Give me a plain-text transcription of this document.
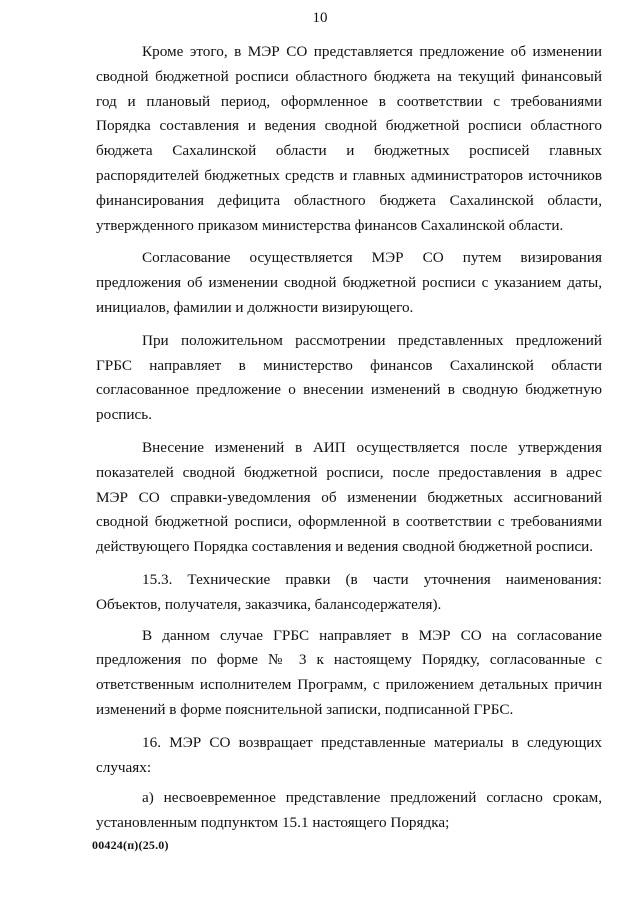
10

Кроме этого, в МЭР СО представляется предложение об изменении сводной бюджетной росписи областного бюджета на текущий финансовый год и плановый период, оформленное в соответствии с требованиями Порядка составления и ведения сводной бюджетной росписи областного бюджета Сахалинской области и бюджетных росписей главных распорядителей бюджетных средств и главных администраторов источников финансирования дефицита областного бюджета Сахалинской области, утвержденного приказом министерства финансов Сахалинской области.

Согласование осуществляется МЭР СО путем визирования предложения об изменении сводной бюджетной росписи с указанием даты, инициалов, фамилии и должности визирующего.

При положительном рассмотрении представленных предложений ГРБС направляет в министерство финансов Сахалинской области согласованное предложение о внесении изменений в сводную бюджетную роспись.

Внесение изменений в АИП осуществляется после утверждения показателей сводной бюджетной росписи, после предоставления в адрес МЭР СО справки-уведомления об изменении бюджетных ассигнований сводной бюджетной росписи, оформленной в соответствии с требованиями действующего Порядка составления и ведения сводной бюджетной росписи.

15.3. Технические правки (в части уточнения наименования: Объектов, получателя, заказчика, балансодержателя).

В данном случае ГРБС направляет в МЭР СО на согласование предложения по форме № 3 к настоящему Порядку, согласованные с ответственным исполнителем Программ, с приложением детальных причин изменений в форме пояснительной записки, подписанной ГРБС.

16. МЭР СО возвращает представленные материалы в следующих случаях:

а) несвоевременное представление предложений согласно срокам, установленным подпунктом 15.1 настоящего Порядка;

00424(п)(25.0)
